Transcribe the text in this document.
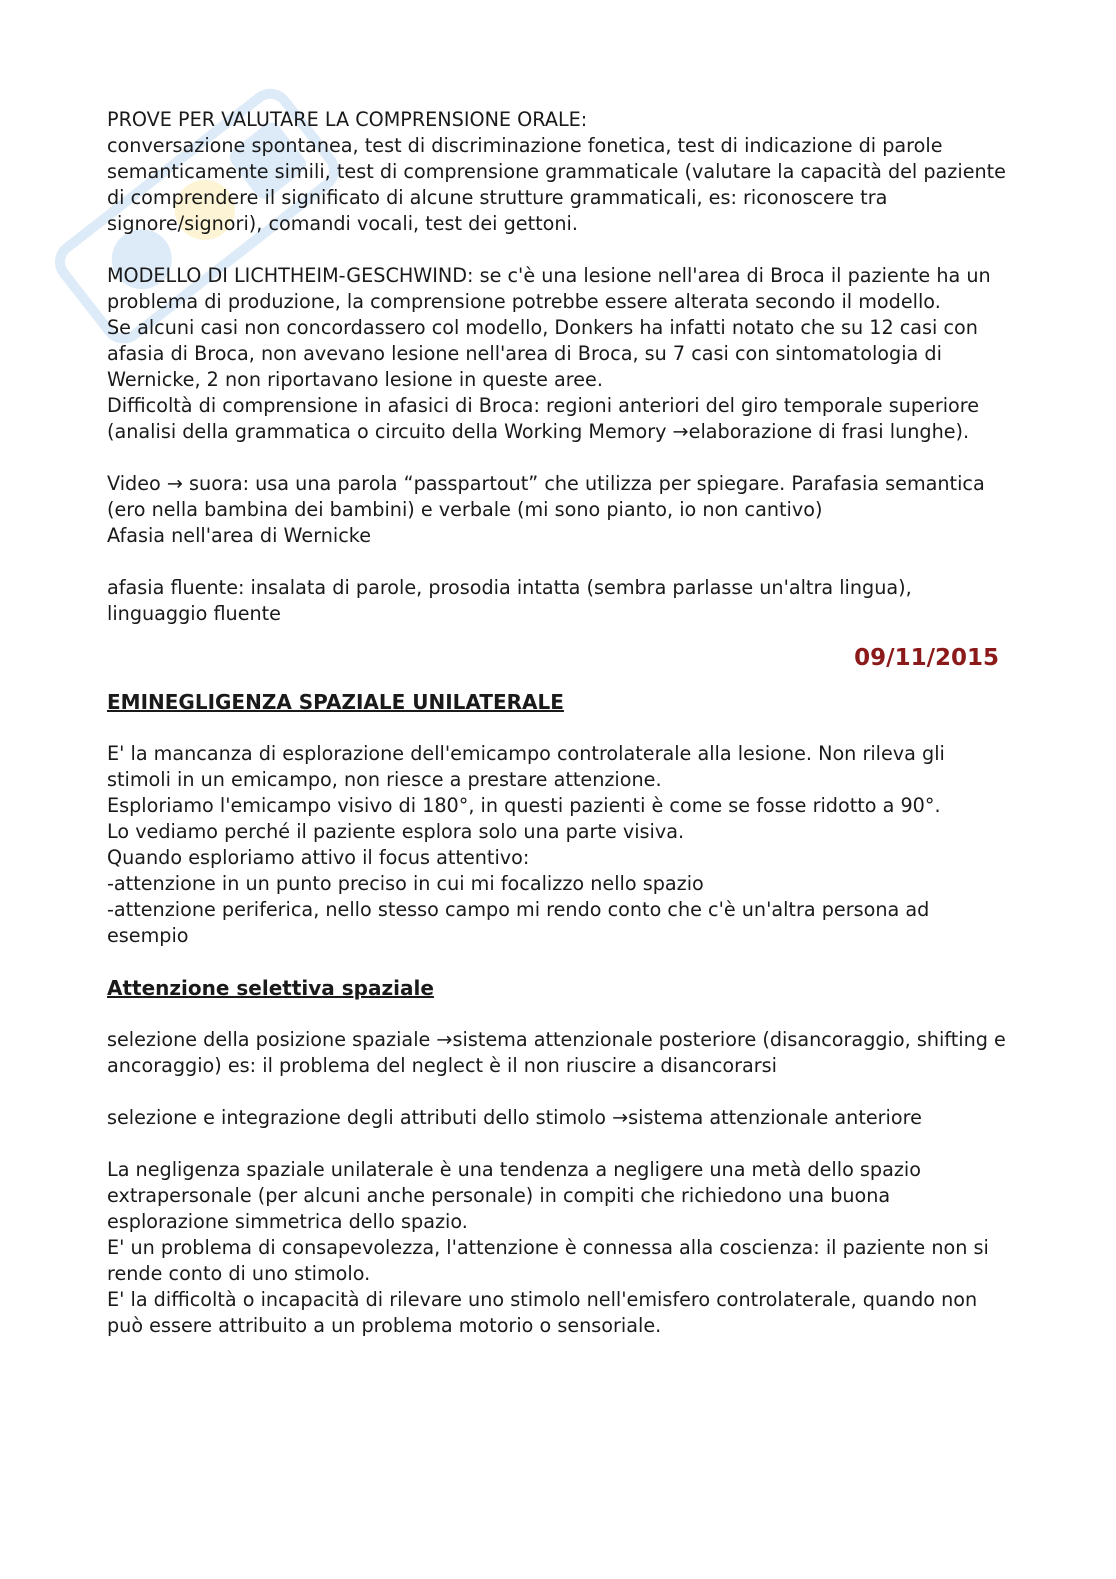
PROVE PER VALUTARE LA COMPRENSIONE ORALE:

conversazione spontanea, test di discriminazione fonetica, test di indicazione di parole semanticamente simili, test di comprensione grammaticale (valutare la capacità del paziente di comprendere il significato di alcune strutture grammaticali, es: riconoscere tra signore/signori), comandi vocali, test dei gettoni.

MODELLO DI LICHTHEIM-GESCHWIND: se c'è una lesione nell'area di Broca il paziente ha un problema di produzione, la comprensione potrebbe essere alterata secondo il modello.

Se alcuni casi non concordassero col modello, Donkers ha infatti notato che su 12 casi con afasia di Broca, non avevano lesione nell'area di Broca, su 7 casi con sintomatologia di Wernicke, 2 non riportavano lesione in queste aree.

Difficoltà di comprensione in afasici di Broca: regioni anteriori del giro temporale superiore (analisi della grammatica o circuito della Working Memory →elaborazione di frasi lunghe).

Video → suora: usa una parola “passpartout” che utilizza per spiegare. Parafasia semantica (ero nella bambina dei bambini) e verbale (mi sono pianto, io non cantivo)

Afasia nell'area di Wernicke

afasia fluente: insalata di parole, prosodia intatta (sembra parlasse un'altra lingua), linguaggio fluente

09/11/2015

EMINEGLIGENZA SPAZIALE UNILATERALE

E' la mancanza di esplorazione dell'emicampo controlaterale alla lesione. Non rileva gli stimoli in un emicampo, non riesce a prestare attenzione.

Esploriamo l'emicampo visivo di 180°, in questi pazienti è come se fosse ridotto a 90°.

Lo vediamo perché il paziente esplora solo una parte visiva.

Quando esploriamo attivo il focus attentivo:

-attenzione in un punto preciso in cui mi focalizzo nello spazio

-attenzione periferica, nello stesso campo mi rendo conto che c'è un'altra persona ad esempio

Attenzione selettiva spaziale

selezione della posizione spaziale →sistema attenzionale posteriore (disancoraggio, shifting e ancoraggio) es: il problema del neglect è il non riuscire a disancorarsi

selezione e integrazione degli attributi dello stimolo →sistema attenzionale anteriore

La negligenza spaziale unilaterale è una tendenza a negligere una metà dello spazio extrapersonale (per alcuni anche personale) in compiti che richiedono una buona esplorazione simmetrica dello spazio.

E' un problema di consapevolezza, l'attenzione è connessa alla coscienza: il paziente non si rende conto di uno stimolo.

E' la difficoltà o incapacità di rilevare uno stimolo nell'emisfero controlaterale, quando non può essere attribuito a un problema motorio o sensoriale.
